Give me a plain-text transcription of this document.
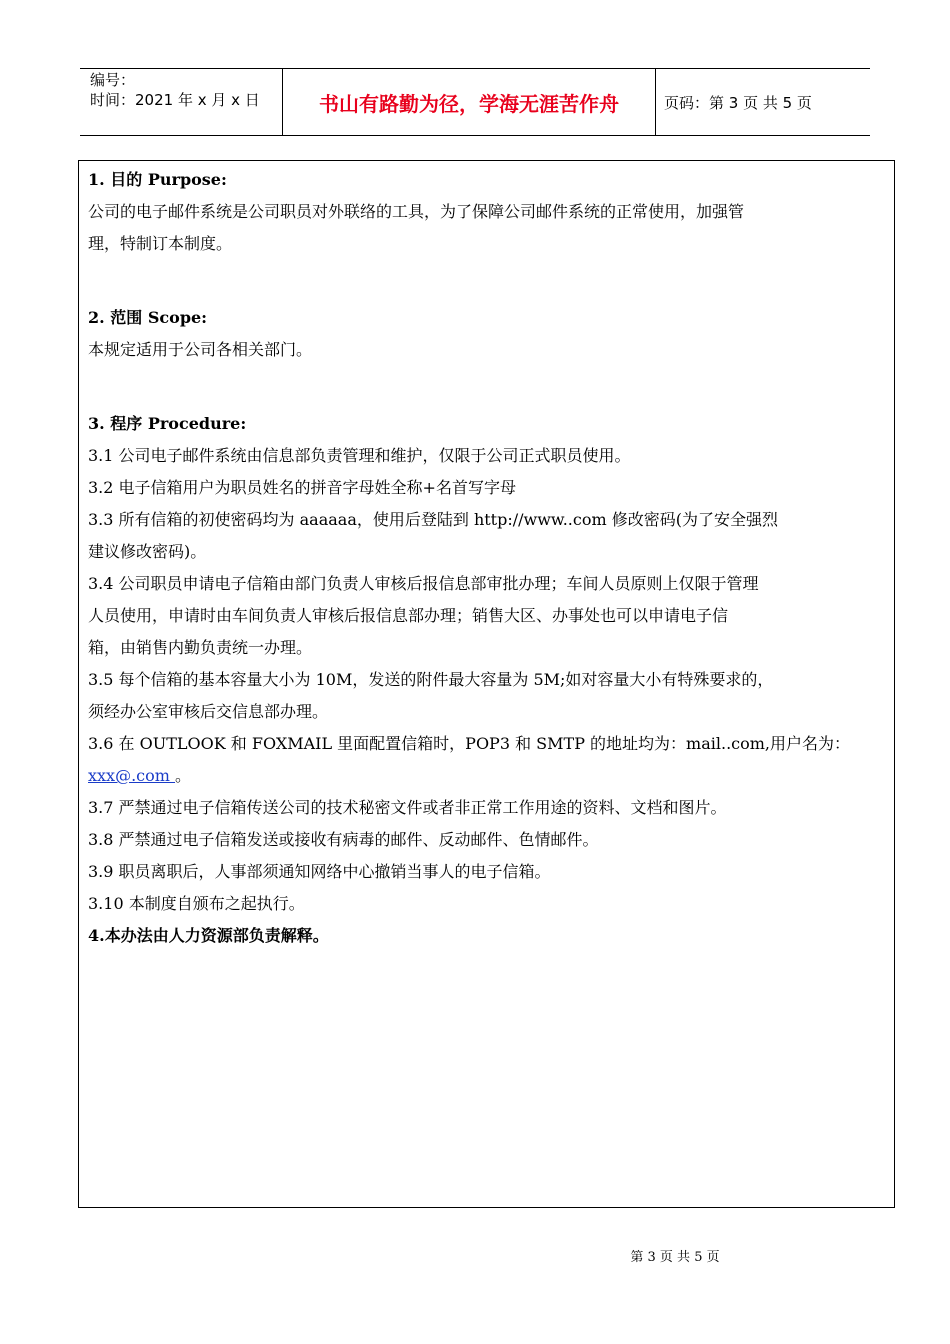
编号：
时间：2021 年 x 月 x 日	书山有路勤为径，学海无涯苦作舟	页码：第 3 页 共 5 页

1. 目的 Purpose:

公司的电子邮件系统是公司职员对外联络的工具，为了保障公司邮件系统的正常使用，加强管

理，特制订本制度。

2. 范围 Scope:

本规定适用于公司各相关部门。

3. 程序 Procedure:

3.1 公司电子邮件系统由信息部负责管理和维护，仅限于公司正式职员使用。

3.2 电子信箱用户为职员姓名的拼音字母姓全称+名首写字母

3.3 所有信箱的初使密码均为 aaaaaa，使用后登陆到 http://www..com 修改密码(为了安全强烈

建议修改密码)。

3.4 公司职员申请电子信箱由部门负责人审核后报信息部审批办理；车间人员原则上仅限于管理

人员使用，申请时由车间负责人审核后报信息部办理；销售大区、办事处也可以申请电子信

箱，由销售内勤负责统一办理。

3.5 每个信箱的基本容量大小为 10M，发送的附件最大容量为 5M;如对容量大小有特殊要求的，

须经办公室审核后交信息部办理。

3.6 在 OUTLOOK 和 FOXMAIL 里面配置信箱时，POP3 和 SMTP 的地址均为：mail..com,用户名为：

xxx@.com 。

3.7 严禁通过电子信箱传送公司的技术秘密文件或者非正常工作用途的资料、文档和图片。

3.8 严禁通过电子信箱发送或接收有病毒的邮件、反动邮件、色情邮件。

3.9 职员离职后，人事部须通知网络中心撤销当事人的电子信箱。

3.10 本制度自颁布之起执行。

4.本办法由人力资源部负责解释。

第 3 页 共 5 页
